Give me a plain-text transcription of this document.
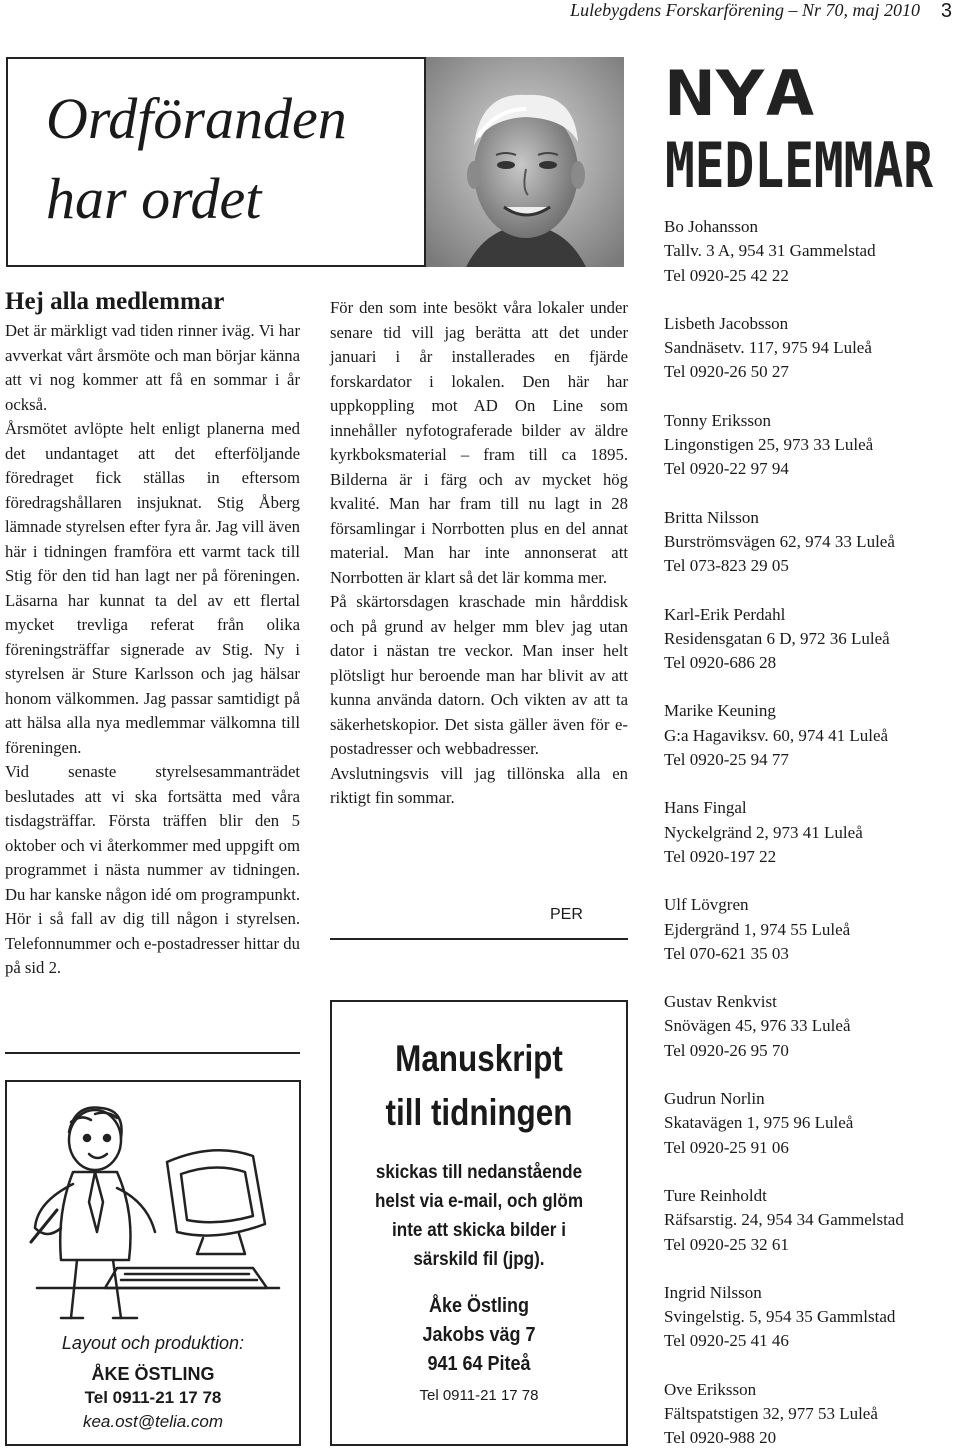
Lulebygdens Forskarförening – Nr 70, maj 2010 3
Ordföranden
har ordet
Hej alla medlemmar

Det är märkligt vad tiden rinner iväg. Vi har avverkat vårt årsmöte och man börjar känna att vi nog kommer att få en sommar i år också.

Årsmötet avlöpte helt enligt planerna med det undantaget att det efterföljande föredraget fick ställas in eftersom föredragshållaren insjuknat. Stig Åberg lämnade styrelsen efter fyra år. Jag vill även här i tidningen framföra ett varmt tack till Stig för den tid han lagt ner på föreningen. Läsarna har kunnat ta del av ett flertal mycket trevliga referat från olika föreningsträffar signerade av Stig. Ny i styrelsen är Sture Karlsson och jag hälsar honom välkommen. Jag passar samtidigt på att hälsa alla nya medlemmar välkomna till föreningen.

Vid senaste styrelsesammanträdet beslutades att vi ska fortsätta med våra tisdagsträffar. Första träffen blir den 5 oktober och vi återkommer med uppgift om programmet i nästa nummer av tidningen. Du har kanske någon idé om programpunkt. Hör i så fall av dig till någon i styrelsen. Telefonnummer och e-postadresser hittar du på sid 2.

För den som inte besökt våra lokaler under senare tid vill jag berätta att det under januari i år installerades en fjärde forskardator i lokalen. Den här har uppkoppling mot AD On Line som innehåller nyfotograferade bilder av äldre kyrkboksmaterial – fram till ca 1895. Bilderna är i färg och av mycket hög kvalité. Man har fram till nu lagt in 28 församlingar i Norrbotten plus en del annat material. Man har inte annonserat att Norrbotten är klart så det lär komma mer.

På skärtorsdagen kraschade min hårddisk och på grund av helger mm blev jag utan dator i nästan tre veckor. Man inser helt plötsligt hur beroende man har blivit av att kunna använda datorn. Och vikten av att ta säkerhetskopior. Det sista gäller även för e-postadresser och webbadresser.

Avslutningsvis vill jag tillönska alla en riktigt fin sommar.

PER
Layout och produktion:
ÅKE ÖSTLING
Tel 0911-21 17 78
kea.ost@telia.com
Manuskript
till tidningen
skickas till nedanstående helst via e-mail, och glöm inte att skicka bilder i särskild fil (jpg).
Åke Östling
Jakobs väg 7
941 64 Piteå
Tel 0911-21 17 78
NYA
MEDLEMMAR
Bo Johansson
Tallv. 3 A, 954 31 Gammelstad
Tel 0920-25 42 22
Lisbeth Jacobsson
Sandnäsetv. 117, 975 94 Luleå
Tel 0920-26 50 27
Tonny Eriksson
Lingonstigen 25, 973 33 Luleå
Tel 0920-22 97 94
Britta Nilsson
Burströmsvägen 62, 974 33 Luleå
Tel 073-823 29 05
Karl-Erik Perdahl
Residensgatan 6 D, 972 36 Luleå
Tel 0920-686 28
Marike Keuning
G:a Hagaviksv. 60, 974 41 Luleå
Tel 0920-25 94 77
Hans Fingal
Nyckelgränd 2, 973 41 Luleå
Tel 0920-197 22
Ulf Lövgren
Ejdergränd 1, 974 55 Luleå
Tel 070-621 35 03
Gustav Renkvist
Snövägen 45, 976 33 Luleå
Tel 0920-26 95 70
Gudrun Norlin
Skatavägen 1, 975 96 Luleå
Tel 0920-25 91 06
Ture Reinholdt
Räfsarstig. 24, 954 34 Gammelstad
Tel 0920-25 32 61
Ingrid Nilsson
Svingelstig. 5, 954 35 Gammlstad
Tel 0920-25 41 46
Ove Eriksson
Fältspatstigen 32, 977 53 Luleå
Tel 0920-988 20
